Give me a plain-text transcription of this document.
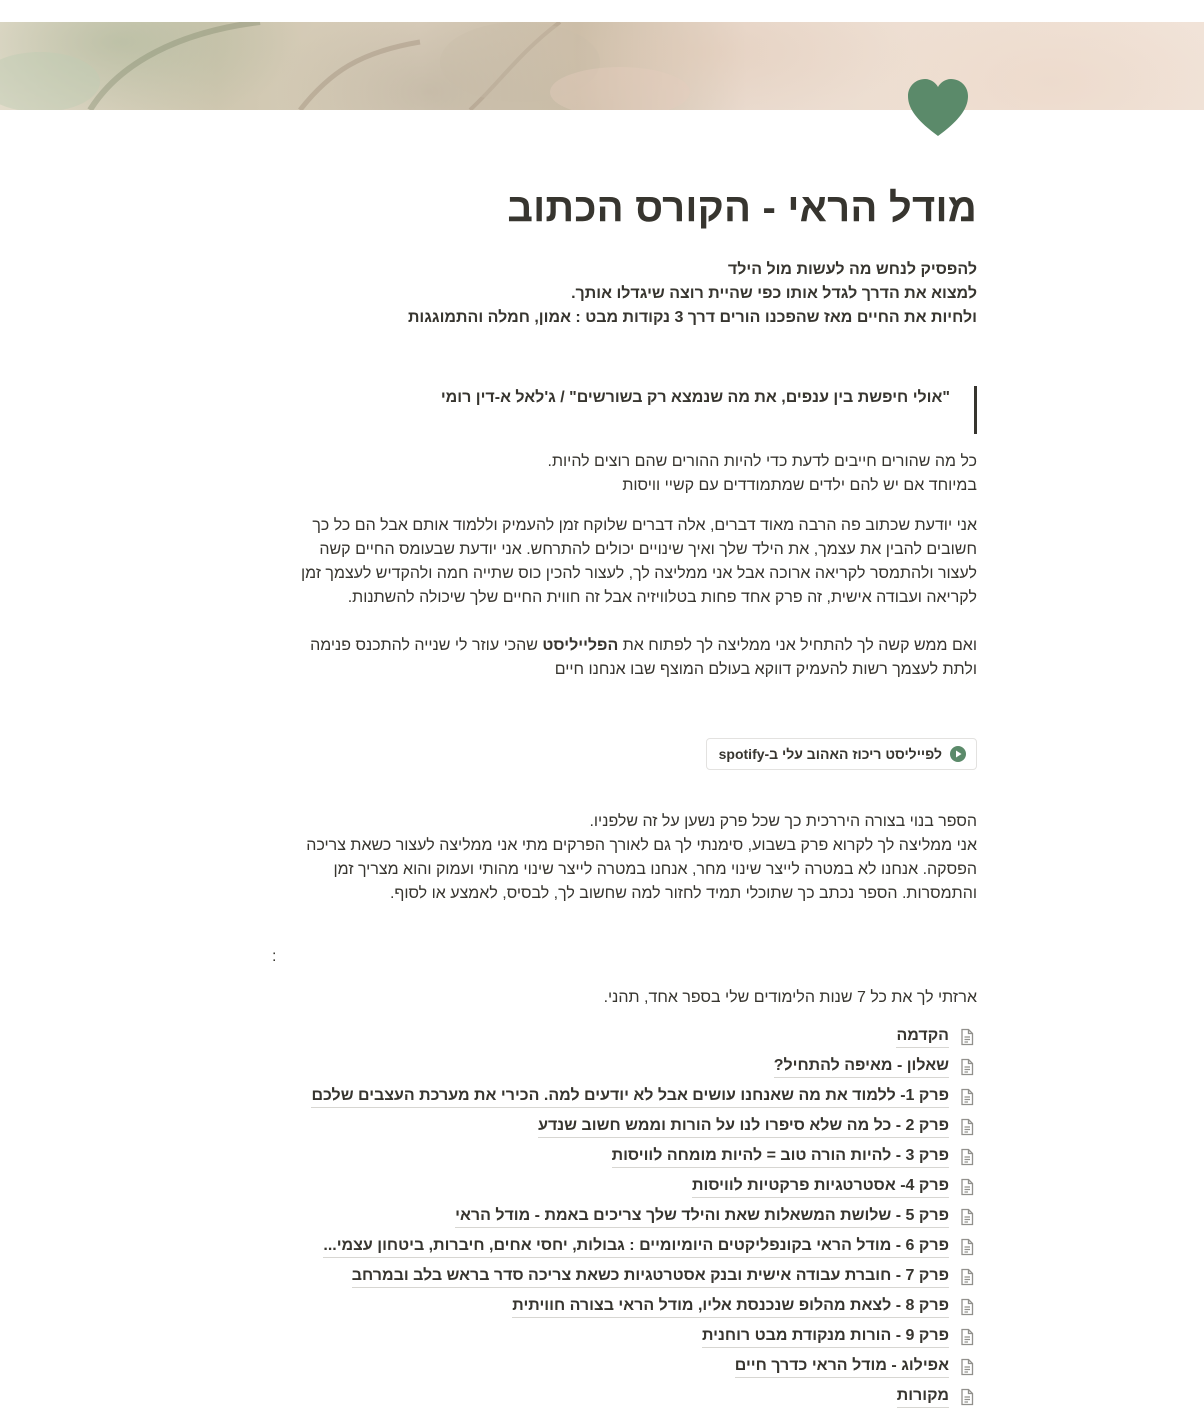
מודל הראי - הקורס הכתוב
להפסיק לנחש מה לעשות מול הילד
למצוא את הדרך לגדל אותו כפי שהיית רוצה שיגדלו אותך.
ולחיות את החיים מאז שהפכנו הורים דרך 3 נקודות מבט : אמון, חמלה והתמוגגות
"אולי חיפשת בין ענפים, את מה שנמצא רק בשורשים" / ג'לאל א-דין רומי
כל מה שהורים חייבים לדעת כדי להיות ההורים שהם רוצים להיות.
במיוחד אם יש להם ילדים שמתמודדים עם קשיי וויסות
אני יודעת שכתוב פה הרבה מאוד דברים, אלה דברים שלוקח זמן להעמיק וללמוד אותם אבל הם כל כך
חשובים להבין את עצמך, את הילד שלך ואיך שינויים יכולים להתרחש. אני יודעת שבעומס החיים קשה
לעצור ולהתמסר לקריאה ארוכה אבל אני ממליצה לך, לעצור להכין כוס שתייה חמה ולהקדיש לעצמך זמן
לקריאה ועבודה אישית, זה פרק אחד פחות בטלוויזיה אבל זה חווית החיים שלך שיכולה להשתנות.
ואם ממש קשה לך להתחיל אני ממליצה לך לפתוח את הפלייליסט שהכי עוזר לי שנייה להתכנס פנימה
ולתת לעצמך רשות להעמיק דווקא בעולם המוצף שבו אנחנו חיים
לפייליסט ריכוז האהוב עלי ב-spotify
הספר בנוי בצורה היררכית כך שכל פרק נשען על זה שלפניו.
אני ממליצה לך לקרוא פרק בשבוע, סימנתי לך גם לאורך הפרקים מתי אני ממליצה לעצור כשאת צריכה
הפסקה. אנחנו לא במטרה לייצר שינוי מחר, אנחנו במטרה לייצר שינוי מהותי ועמוק והוא מצריך זמן
והתמסרות. הספר נכתב כך שתוכלי תמיד לחזור למה שחשוב לך, לבסיס, לאמצע או לסוף.
:
ארזתי לך את כל 7 שנות הלימודים שלי בספר אחד, תהני.
הקדמה
שאלון - מאיפה להתחיל?
פרק 1- ללמוד את מה שאנחנו עושים אבל לא יודעים למה. הכירי את מערכת העצבים שלכם
פרק 2 - כל מה שלא סיפרו לנו על הורות וממש חשוב שנדע
פרק 3 - להיות הורה טוב = להיות מומחה לוויסות
פרק 4- אסטרטגיות פרקטיות לוויסות
פרק 5 - שלושת המשאלות שאת והילד שלך צריכים באמת - מודל הראי
פרק 6 - מודל הראי בקונפליקטים היומיומיים : גבולות, יחסי אחים, חיברות, ביטחון עצמי...
פרק 7 - חוברת עבודה אישית ובנק אסטרטגיות כשאת צריכה סדר בראש בלב ובמרחב
פרק 8 - לצאת מהלופ שנכנסת אליו, מודל הראי בצורה חוויתית
פרק 9 - הורות מנקודת מבט רוחנית
אפילוג - מודל הראי כדרך חיים
מקורות
